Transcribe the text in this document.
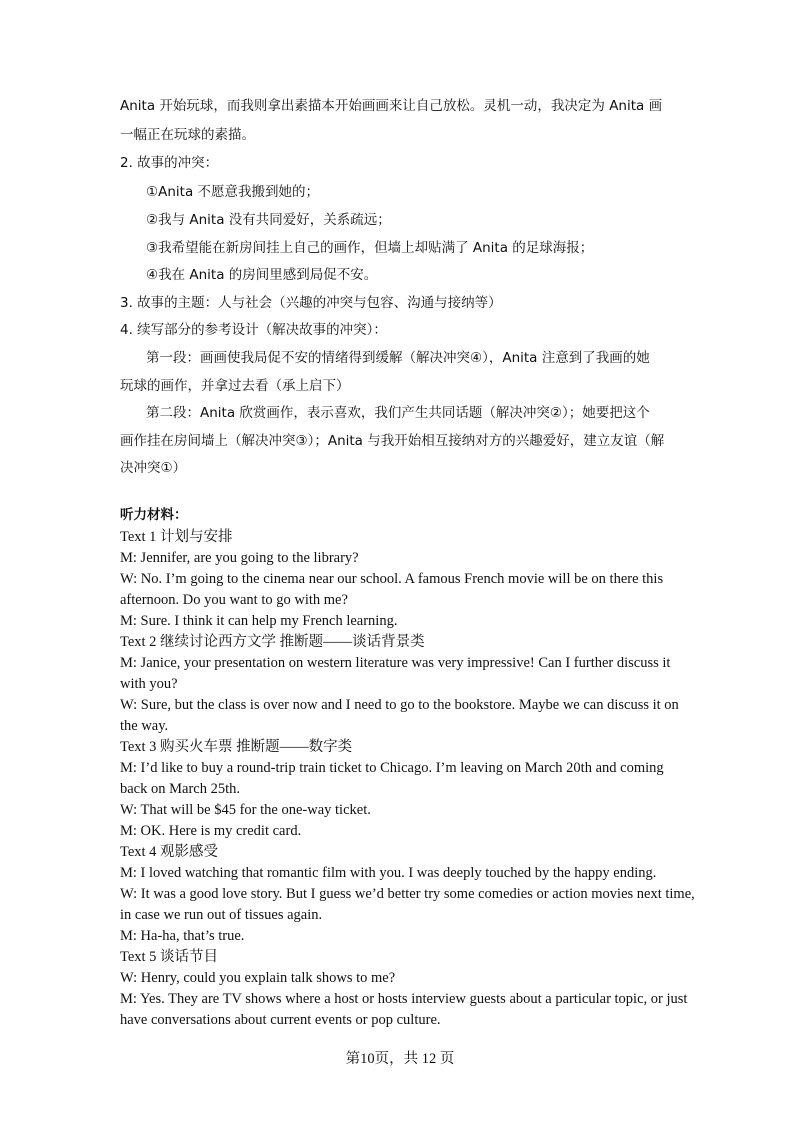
Anita 开始玩球，而我则拿出素描本开始画画来让自己放松。灵机一动，我决定为 Anita 画
一幅正在玩球的素描。
2. 故事的冲突：
①Anita 不愿意我搬到她的；
②我与 Anita 没有共同爱好，关系疏远；
③我希望能在新房间挂上自己的画作，但墙上却贴满了 Anita 的足球海报；
④我在 Anita 的房间里感到局促不安。
3. 故事的主题：人与社会（兴趣的冲突与包容、沟通与接纳等）
4. 续写部分的参考设计（解决故事的冲突）：
第一段：画画使我局促不安的情绪得到缓解（解决冲突④），Anita 注意到了我画的她
玩球的画作，并拿过去看（承上启下）
第二段：Anita 欣赏画作，表示喜欢，我们产生共同话题（解决冲突②）；她要把这个
画作挂在房间墙上（解决冲突③）；Anita 与我开始相互接纳对方的兴趣爱好，建立友谊（解
决冲突①）
听力材料：
Text 1 计划与安排
M: Jennifer, are you going to the library?
W: No. I’m going to the cinema near our school. A famous French movie will be on there this
afternoon. Do you want to go with me?
M: Sure. I think it can help my French learning.
Text 2 继续讨论西方文学 推断题——谈话背景类
M: Janice, your presentation on western literature was very impressive! Can I further discuss it
with you?
W: Sure, but the class is over now and I need to go to the bookstore. Maybe we can discuss it on
the way.
Text 3 购买火车票 推断题——数字类
M: I’d like to buy a round-trip train ticket to Chicago. I’m leaving on March 20th and coming
back on March 25th.
W: That will be $45 for the one-way ticket.
M: OK. Here is my credit card.
Text 4 观影感受
M: I loved watching that romantic film with you. I was deeply touched by the happy ending.
W: It was a good love story. But I guess we’d better try some comedies or action movies next time,
in case we run out of tissues again.
M: Ha-ha, that’s true.
Text 5 谈话节目
W: Henry, could you explain talk shows to me?
M: Yes. They are TV shows where a host or hosts interview guests about a particular topic, or just
have conversations about current events or pop culture.
第10页，共 12 页
